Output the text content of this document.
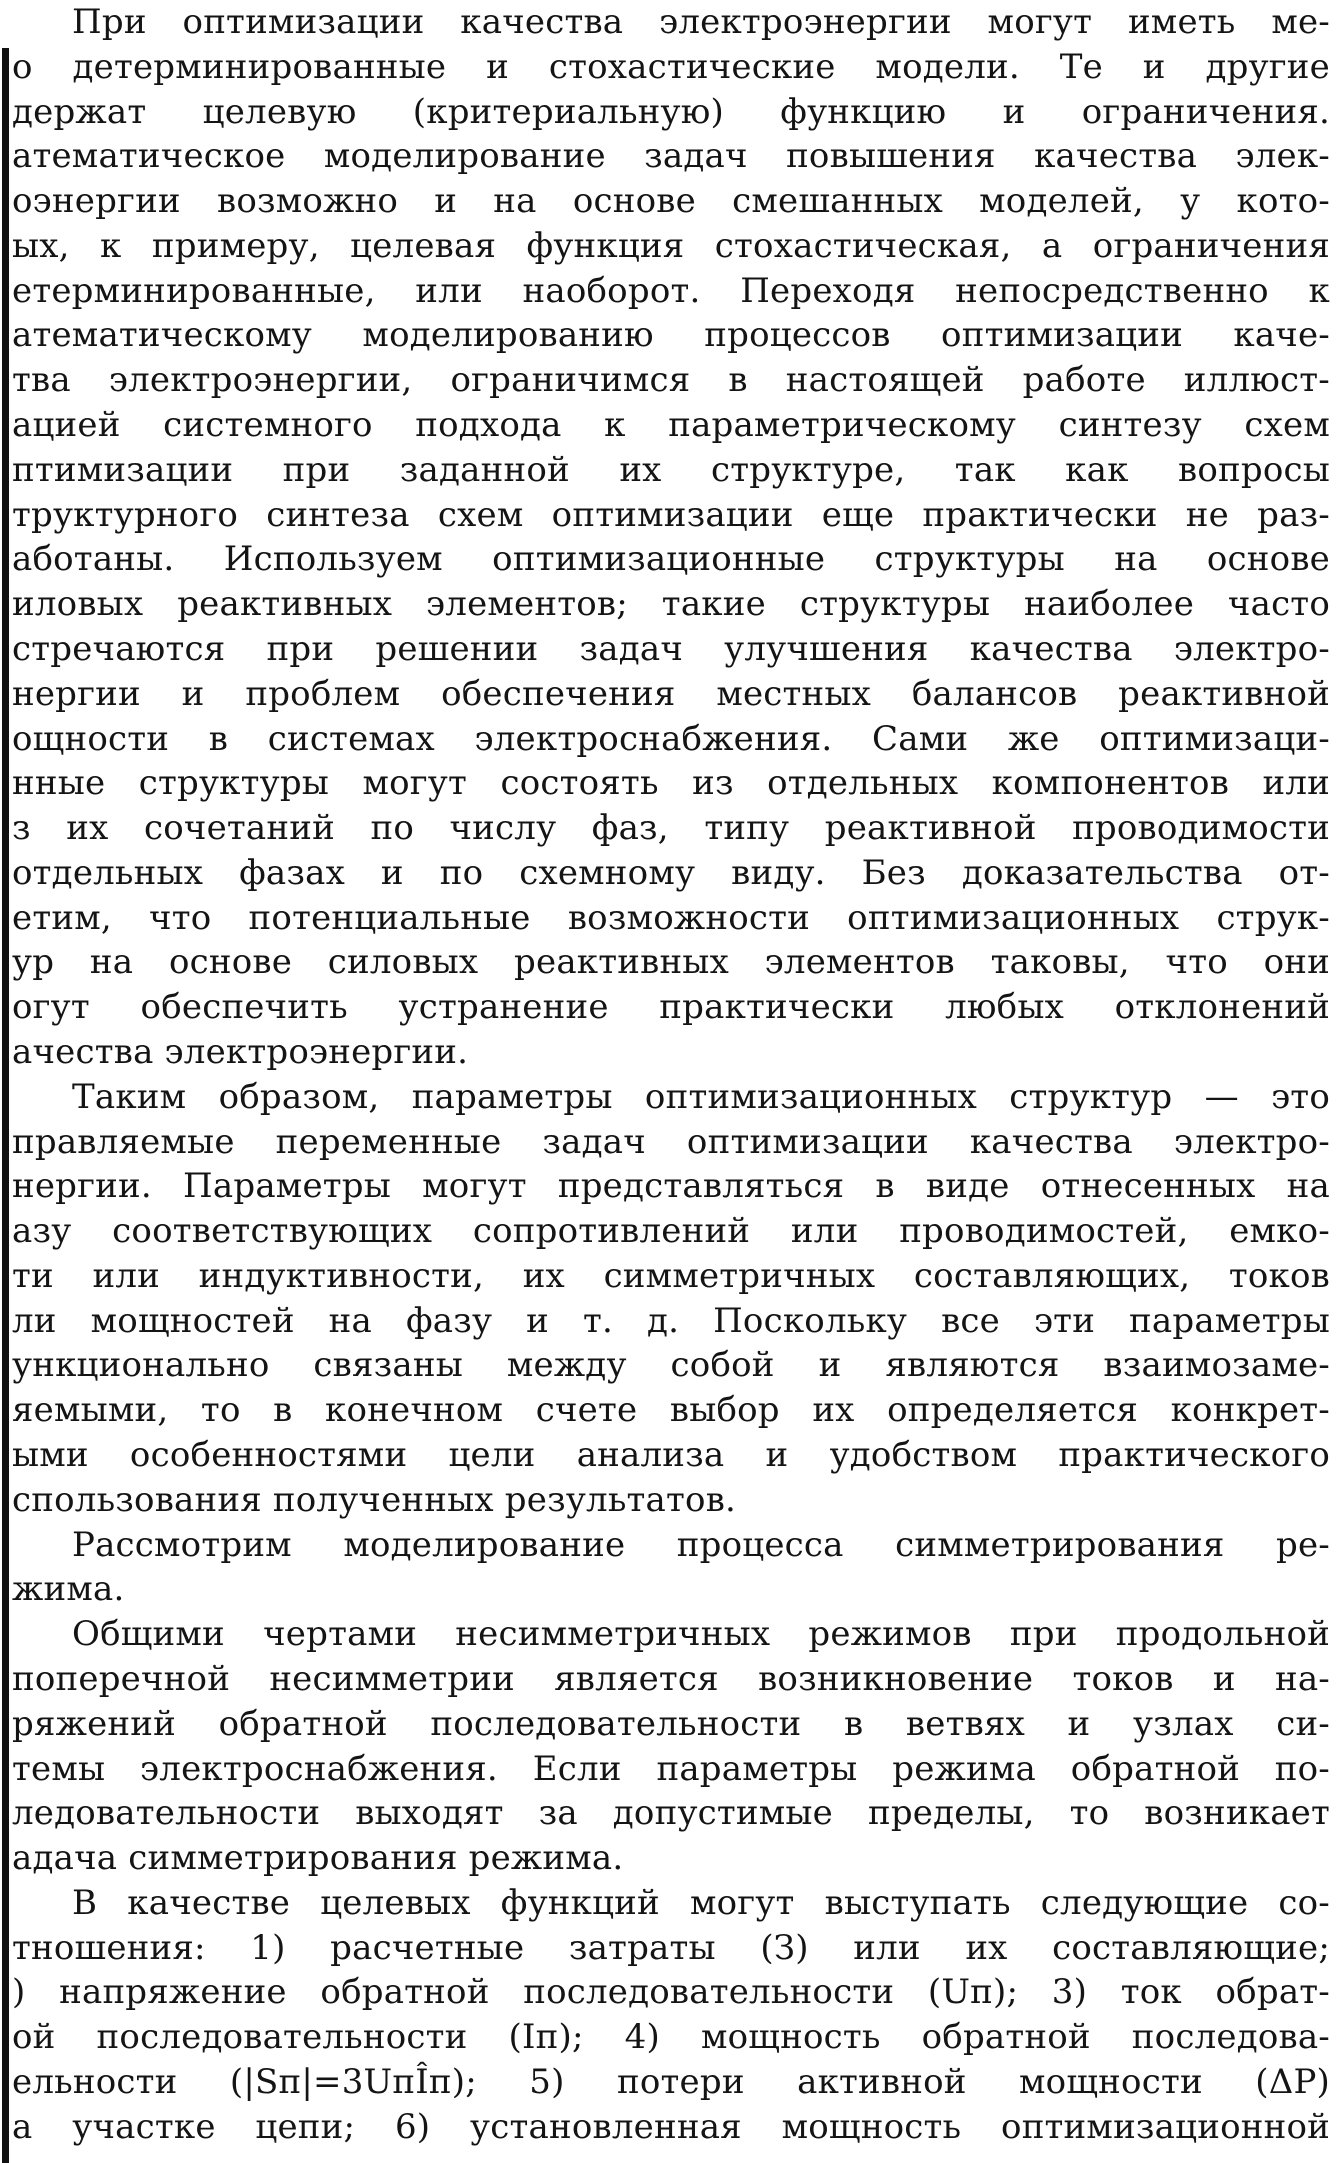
При оптимизации качества электроэнергии могут иметь ме-
о детерминированные и стохастические модели. Те и другие
держат целевую (критериальную) функцию и ограничения.
атематическое моделирование задач повышения качества элек-
оэнергии возможно и на основе смешанных моделей, у кото-
ых, к примеру, целевая функция стохастическая, а ограничения
етерминированные, или наоборот. Переходя непосредственно к
атематическому моделированию процессов оптимизации каче-
тва электроэнергии, ограничимся в настоящей работе иллюст-
ацией системного подхода к параметрическому синтезу схем
птимизации при заданной их структуре, так как вопросы
труктурного синтеза схем оптимизации еще практически не раз-
аботаны. Используем оптимизационные структуры на основе
иловых реактивных элементов; такие структуры наиболее часто
стречаются при решении задач улучшения качества электро-
нергии и проблем обеспечения местных балансов реактивной
ощности в системах электроснабжения. Сами же оптимизаци-
нные структуры могут состоять из отдельных компонентов или
з их сочетаний по числу фаз, типу реактивной проводимости
отдельных фазах и по схемному виду. Без доказательства от-
етим, что потенциальные возможности оптимизационных струк-
ур на основе силовых реактивных элементов таковы, что они
огут обеспечить устранение практически любых отклонений
ачества электроэнергии.
Таким образом, параметры оптимизационных структур — это
правляемые переменные задач оптимизации качества электро-
нергии. Параметры могут представляться в виде отнесенных на
азу соответствующих сопротивлений или проводимостей, емко-
ти или индуктивности, их симметричных составляющих, токов
ли мощностей на фазу и т. д. Поскольку все эти параметры
ункционально связаны между собой и являются взаимозаме-
яемыми, то в конечном счете выбор их определяется конкрет-
ыми особенностями цели анализа и удобством практического
спользования полученных результатов.
Рассмотрим моделирование процесса симметрирования ре-
жима.
Общими чертами несимметричных режимов при продольной
поперечной несимметрии является возникновение токов и на-
ряжений обратной последовательности в ветвях и узлах си-
темы электроснабжения. Если параметры режима обратной по-
ледовательности выходят за допустимые пределы, то возникает
адача симметрирования режима.
В качестве целевых функций могут выступать следующие со-
тношения: 1) расчетные затраты (З) или их составляющие;
) напряжение обратной последовательности (Uп); 3) ток обрат-
ой последовательности (Iп); 4) мощность обратной последова-
ельности (|Sп|=3UпÎп); 5) потери активной мощности (ΔP)
а участке цепи; 6) установленная мощность оптимизационной
